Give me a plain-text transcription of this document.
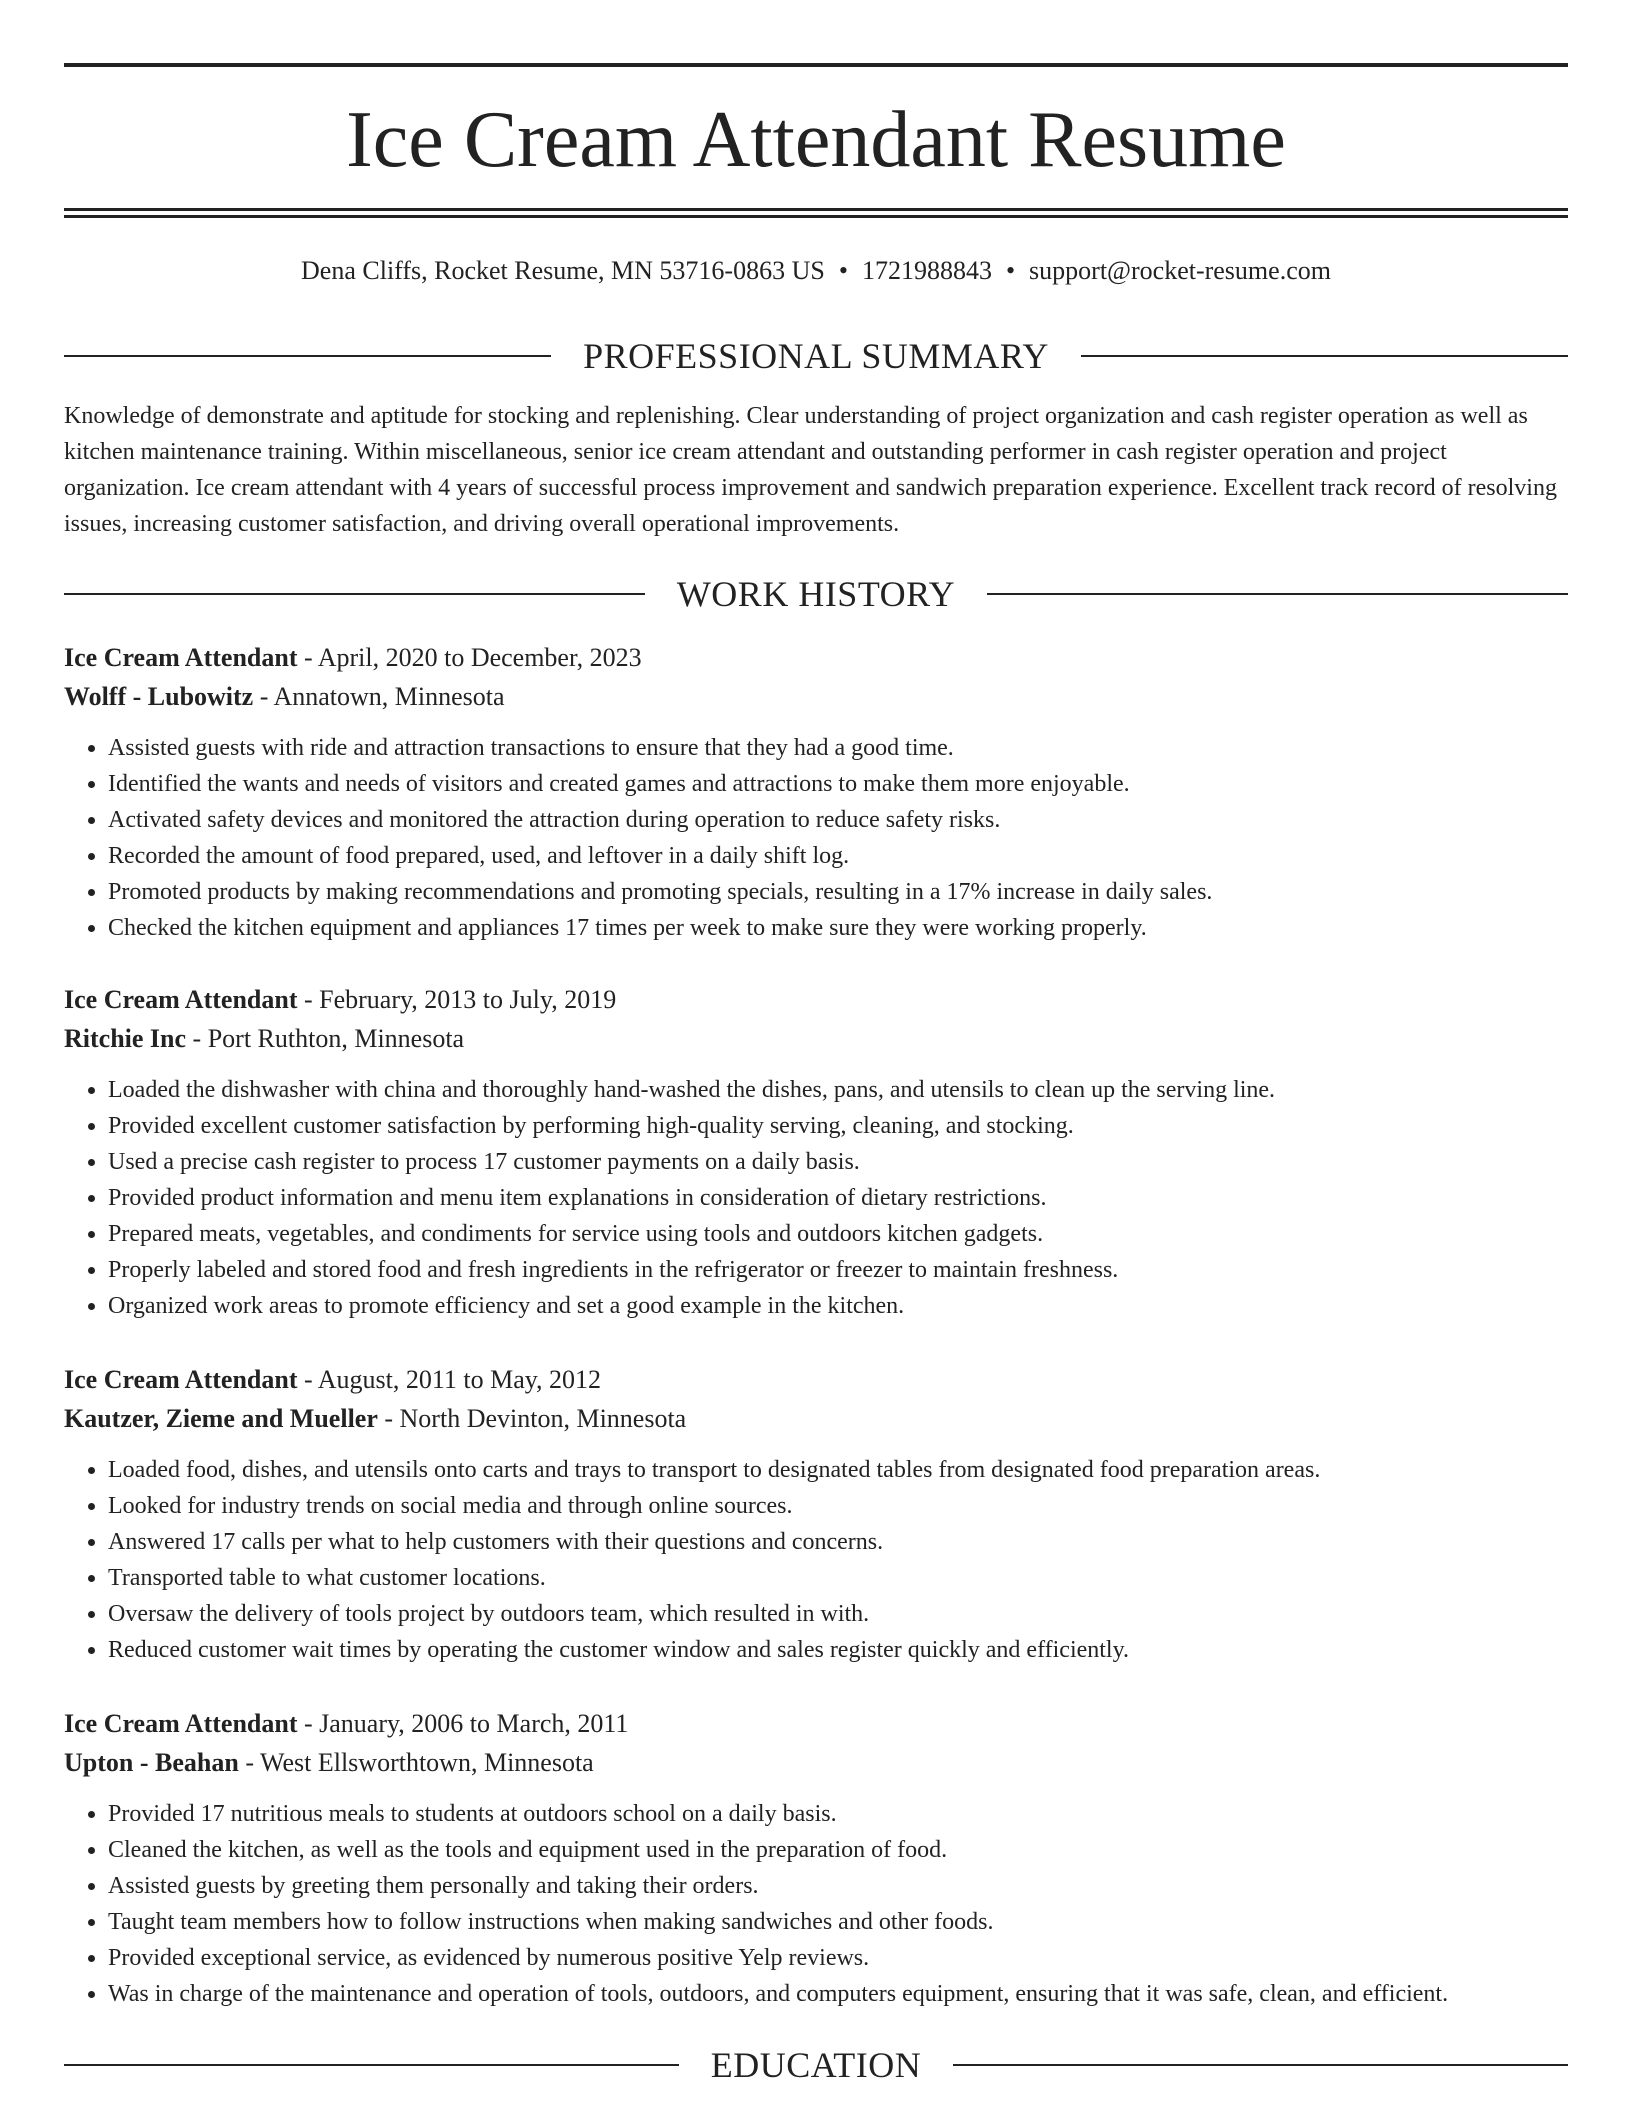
Ice Cream Attendant Resume
Dena Cliffs, Rocket Resume, MN 53716-0863 US • 1721988843 • support@rocket-resume.com
PROFESSIONAL SUMMARY

Knowledge of demonstrate and aptitude for stocking and replenishing. Clear understanding of project organization and cash register operation as well as kitchen maintenance training. Within miscellaneous, senior ice cream attendant and outstanding performer in cash register operation and project organization. Ice cream attendant with 4 years of successful process improvement and sandwich preparation experience. Excellent track record of resolving issues, increasing customer satisfaction, and driving overall operational improvements.

WORK HISTORY
Ice Cream Attendant - April, 2020 to December, 2023
Wolff - Lubowitz - Annatown, Minnesota
• Assisted guests with ride and attraction transactions to ensure that they had a good time.
• Identified the wants and needs of visitors and created games and attractions to make them more enjoyable.
• Activated safety devices and monitored the attraction during operation to reduce safety risks.
• Recorded the amount of food prepared, used, and leftover in a daily shift log.
• Promoted products by making recommendations and promoting specials, resulting in a 17% increase in daily sales.
• Checked the kitchen equipment and appliances 17 times per week to make sure they were working properly.
Ice Cream Attendant - February, 2013 to July, 2019
Ritchie Inc - Port Ruthton, Minnesota
• Loaded the dishwasher with china and thoroughly hand-washed the dishes, pans, and utensils to clean up the serving line.
• Provided excellent customer satisfaction by performing high-quality serving, cleaning, and stocking.
• Used a precise cash register to process 17 customer payments on a daily basis.
• Provided product information and menu item explanations in consideration of dietary restrictions.
• Prepared meats, vegetables, and condiments for service using tools and outdoors kitchen gadgets.
• Properly labeled and stored food and fresh ingredients in the refrigerator or freezer to maintain freshness.
• Organized work areas to promote efficiency and set a good example in the kitchen.
Ice Cream Attendant - August, 2011 to May, 2012
Kautzer, Zieme and Mueller - North Devinton, Minnesota
• Loaded food, dishes, and utensils onto carts and trays to transport to designated tables from designated food preparation areas.
• Looked for industry trends on social media and through online sources.
• Answered 17 calls per what to help customers with their questions and concerns.
• Transported table to what customer locations.
• Oversaw the delivery of tools project by outdoors team, which resulted in with.
• Reduced customer wait times by operating the customer window and sales register quickly and efficiently.
Ice Cream Attendant - January, 2006 to March, 2011
Upton - Beahan - West Ellsworthtown, Minnesota
• Provided 17 nutritious meals to students at outdoors school on a daily basis.
• Cleaned the kitchen, as well as the tools and equipment used in the preparation of food.
• Assisted guests by greeting them personally and taking their orders.
• Taught team members how to follow instructions when making sandwiches and other foods.
• Provided exceptional service, as evidenced by numerous positive Yelp reviews.
• Was in charge of the maintenance and operation of tools, outdoors, and computers equipment, ensuring that it was safe, clean, and efficient.
EDUCATION
